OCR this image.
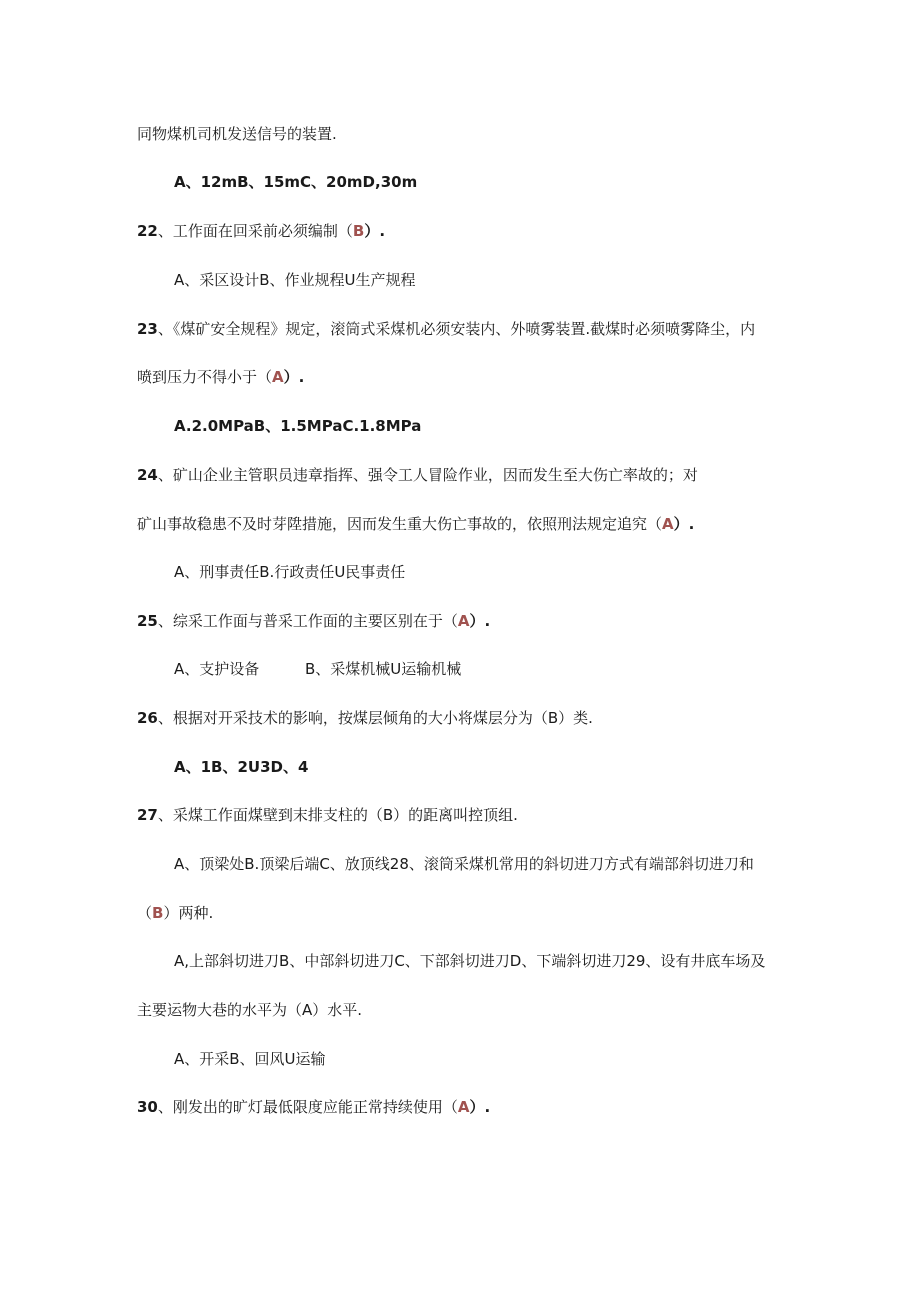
同物煤机司机发送信号的装置.
A、12mB、15mC、20mD,30m
22、工作面在回采前必须编制（B）.
A、采区设计B、作业规程U生产规程
23、《煤矿安全规程》规定，滚筒式采煤机必须安装内、外喷雾装置.截煤时必须喷雾降尘，内
喷到压力不得小于（A）.
A.2.0MPaB、1.5MPaC.1.8MPa
24、矿山企业主管职员违章指挥、强令工人冒险作业，因而发生至大伤亡率故的；对
矿山事故稳患不及时芽陞措施，因而发生重大伤亡事故的，依照刑法规定追究（A）.
A、刑事责任B.行政责任U民事责任
25、综采工作面与普采工作面的主要区别在于（A）.
A、支护设备	B、采煤机械U运输机械
26、根据对开采技术的影响，按煤层倾角的大小将煤层分为（B）类.
A、1B、2U3D、4
27、采煤工作面煤壁到末排支柱的（B）的距离叫控顶组.
A、顶梁处B.顶梁后端C、放顶线28、滚筒采煤机常用的斜切进刀方式有端部斜切进刀和
（B）两种.
A,上部斜切进刀B、中部斜切进刀C、下部斜切进刀D、下端斜切进刀29、设有井底车场及
主要运物大巷的水平为（A）水平.
A、开采B、回风U运输
30、刚发出的旷灯最低限度应能正常持续使用（A）.
